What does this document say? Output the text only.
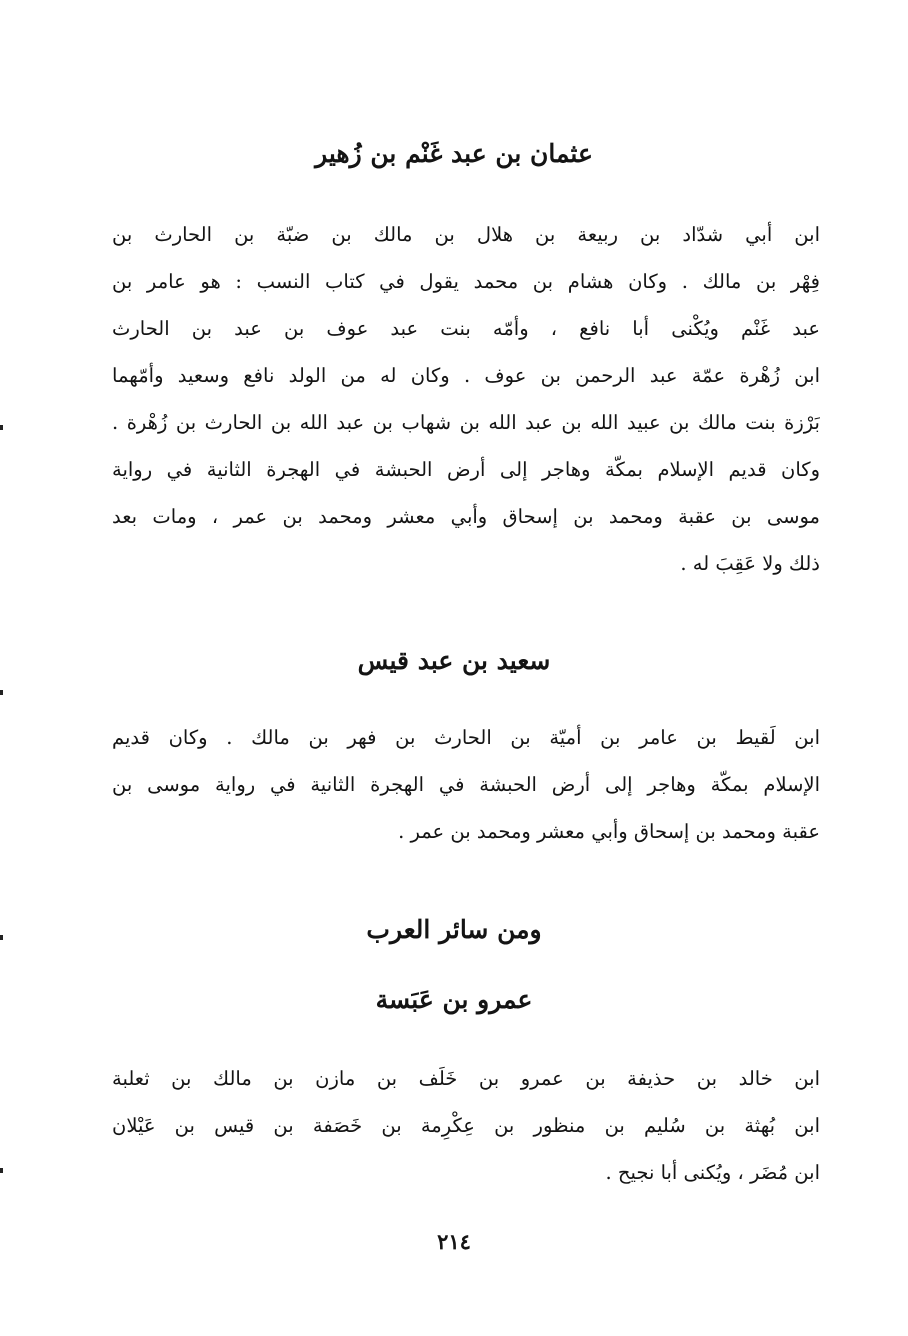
عثمان بن عبد غَنْم بن زُهير
ابن أبي شدّاد بن ربيعة بن هلال بن مالك بن ضبّة بن الحارث بن
فِهْر بن مالك . وكان هشام بن محمد يقول في كتاب النسب : هو عامر بن
عبد غَنْم ويُكْنى أبا نافع ، وأمّه بنت عبد عوف بن عبد بن الحارث
ابن زُهْرة عمّة عبد الرحمن بن عوف . وكان له من الولد نافع وسعيد وأمّهما
بَرْزة بنت مالك بن عبيد الله بن عبد الله بن شهاب بن عبد الله بن الحارث بن زُهْرة .
وكان قديم الإسلام بمكّة وهاجر إلى أرض الحبشة في الهجرة الثانية في رواية
موسى بن عقبة ومحمد بن إسحاق وأبي معشر ومحمد بن عمر ، ومات بعد
ذلك ولا عَقِبَ له .
سعيد بن عبد قيس
ابن لَقيط بن عامر بن أميّة بن الحارث بن فهر بن مالك . وكان قديم
الإسلام بمكّة وهاجر إلى أرض الحبشة في الهجرة الثانية في رواية موسى بن
عقبة ومحمد بن إسحاق وأبي معشر ومحمد بن عمر .
ومن سائر العرب
عمرو بن عَبَسة
ابن خالد بن حذيفة بن عمرو بن خَلَف بن مازن بن مالك بن ثعلبة
ابن بُهثة بن سُليم بن منظور بن عِكْرِمة بن خَصَفة بن قيس بن عَيْلان
ابن مُضَر ، ويُكنى أبا نجيح .
٢١٤
